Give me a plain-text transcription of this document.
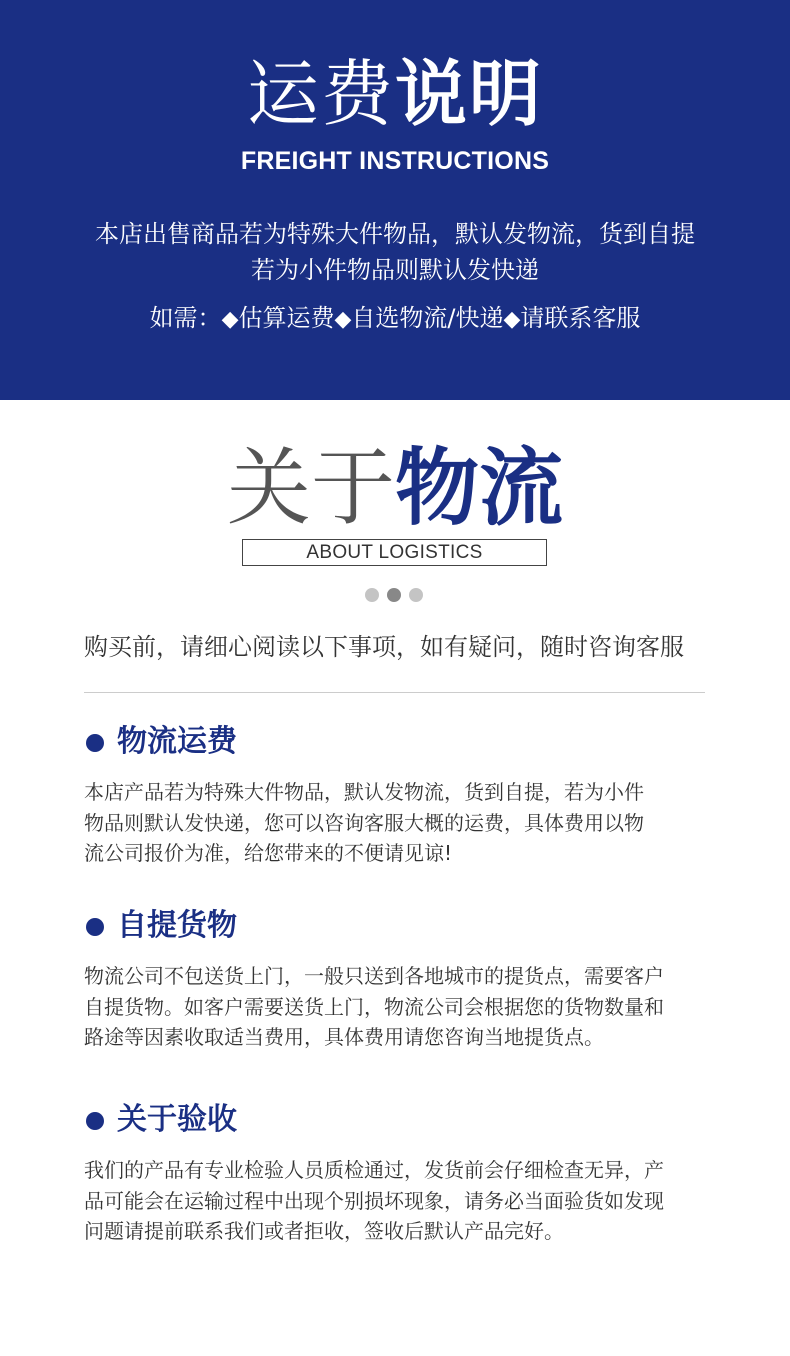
运费说明
FREIGHT INSTRUCTIONS
本店出售商品若为特殊大件物品，默认发物流，货到自提
若为小件物品则默认发快递
如需：◆估算运费◆自选物流/快递◆请联系客服
关于物流
ABOUT LOGISTICS
购买前，请细心阅读以下事项，如有疑问，随时咨询客服
物流运费
本店产品若为特殊大件物品，默认发物流，货到自提，若为小件
物品则默认发快递，您可以咨询客服大概的运费，具体费用以物
流公司报价为准，给您带来的不便请见谅!
自提货物
物流公司不包送货上门，一般只送到各地城市的提货点，需要客户
自提货物。如客户需要送货上门，物流公司会根据您的货物数量和
路途等因素收取适当费用，具体费用请您咨询当地提货点。
关于验收
我们的产品有专业检验人员质检通过，发货前会仔细检查无异，产
品可能会在运输过程中出现个别损坏现象，请务必当面验货如发现
问题请提前联系我们或者拒收，签收后默认产品完好。
